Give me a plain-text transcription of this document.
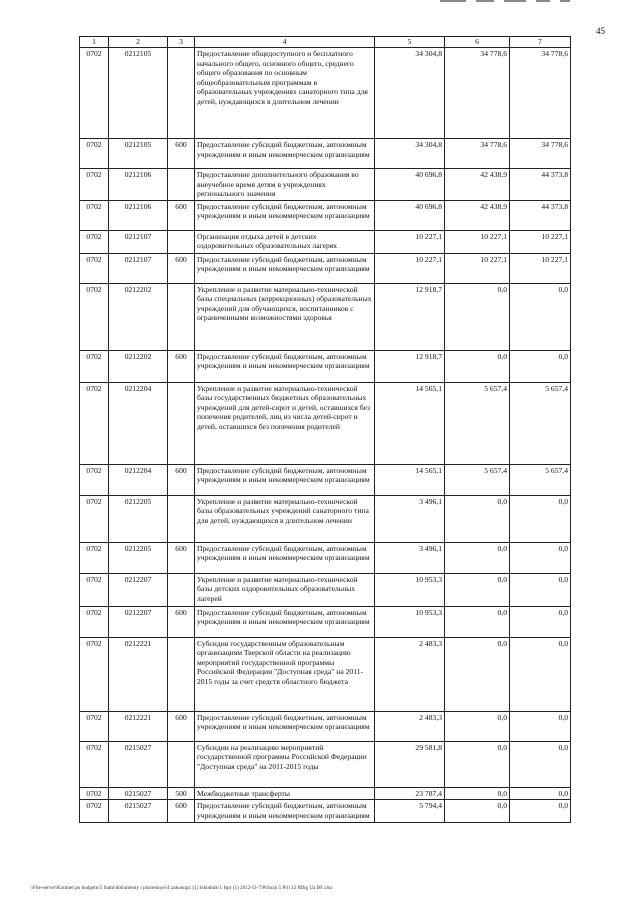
45
1	2	3	4	5	6	7
0702	0212105		Предоставление общедоступного и бесплатного начального общего, основного общего, среднего общего образования по основным общеобразовательным программам в образовательных учреждениях санаторного типа для детей, нуждающихся в длительном лечении	34 304,8	34 778,6	34 778,6
0702	0212105	600	Предоставление субсидий бюджетным, автономным учреждениям и иным некоммерческим организациям	34 304,8	34 778,6	34 778,6
0702	0212106		Предоставление дополнительного образования во внеучебное время детям в учреждениях регионального значения	40 696,8	42 438,9	44 373,8
0702	0212106	600	Предоставление субсидий бюджетным, автономным учреждениям и иным некоммерческим организациям	40 696,8	42 438,9	44 373,8
0702	0212107		Организация отдыха детей в детских оздоровительных образовательных лагерях	10 227,1	10 227,1	10 227,1
0702	0212107	600	Предоставление субсидий бюджетным, автономным учреждениям и иным некоммерческим организациям	10 227,1	10 227,1	10 227,1
0702	0212202		Укрепление и развитие материально-технической базы специальных (коррекционных) образовательных учреждений для обучающихся, воспитанников с ограниченными возможностями здоровья	12 918,7	0,0	0,0
0702	0212202	600	Предоставление субсидий бюджетным, автономным учреждениям и иным некоммерческим организациям	12 918,7	0,0	0,0
0702	0212204		Укрепление и развитие материально-технической базы государственных бюджетных образовательных учреждений для детей-сирот и детей, оставшихся без попечения родителей, лиц из числа детей-сирот и детей, оставшихся без попечения родителей	14 565,1	5 657,4	5 657,4
0702	0212204	600	Предоставление субсидий бюджетным, автономным учреждениям и иным некоммерческим организациям	14 565,1	5 657,4	5 657,4
0702	0212205		Укрепление и развитие материально-технической базы образовательных учреждений санаторного типа для детей, нуждающихся в длительном лечении	3 496,1	0,0	0,0
0702	0212205	600	Предоставление субсидий бюджетным, автономным учреждениям и иным некоммерческим организациям	3 496,1	0,0	0,0
0702	0212207		Укрепление и развитие материально-технической базы детских оздоровительных образовательных лагерей	10 953,3	0,0	0,0
0702	0212207	600	Предоставление субсидий бюджетным, автономным учреждениям и иным некоммерческим организациям	10 953,3	0,0	0,0
0702	0212221		Субсидия государственным образовательным организациям Тверской области на реализацию мероприятий государственной программы Российской Федерации "Доступная среда" на 2011-2015 годы за счет средств областного бюджета	2 483,3	0,0	0,0
0702	0212221	600	Предоставление субсидий бюджетным, автономным учреждениям и иным некоммерческим организациям	2 483,3	0,0	0,0
0702	0215027		Субсидии на реализацию мероприятий государственной программы Российской Федерации "Доступная среда" на 2011-2015 годы	29 581,8	0,0	0,0
0702	0215027	500	Межбюджетные трансферты	23 787,4	0,0	0,0
0702	0215027	600	Предоставление субсидий бюджетным, автономным учреждениям и иным некоммерческим организациям	5 794,4	0,0	0,0
\\File-server\Komitet po budgetu\5 Sami\dokumenty i pismennye\4 zakonopr. (1) Ishodnik\1 Ispr (1) 2012-I3-7\Prilozh 5 Pril 12 Rfbg Ua BF.xlsx
